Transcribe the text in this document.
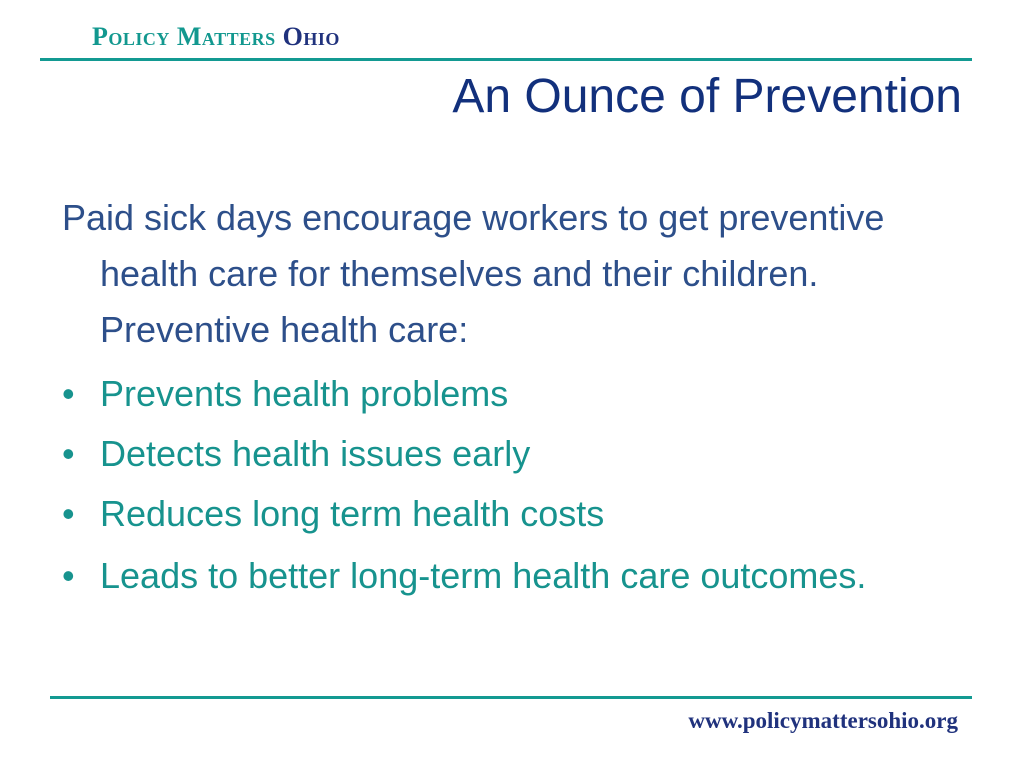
Policy Matters Ohio
An Ounce of Prevention

Paid sick days encourage workers to get preventive health care for themselves and their children. Preventive health care:

• Prevents health problems
• Detects health issues early
• Reduces long term health costs
• Leads to better long-term health care outcomes.
www.policymattersohio.org
